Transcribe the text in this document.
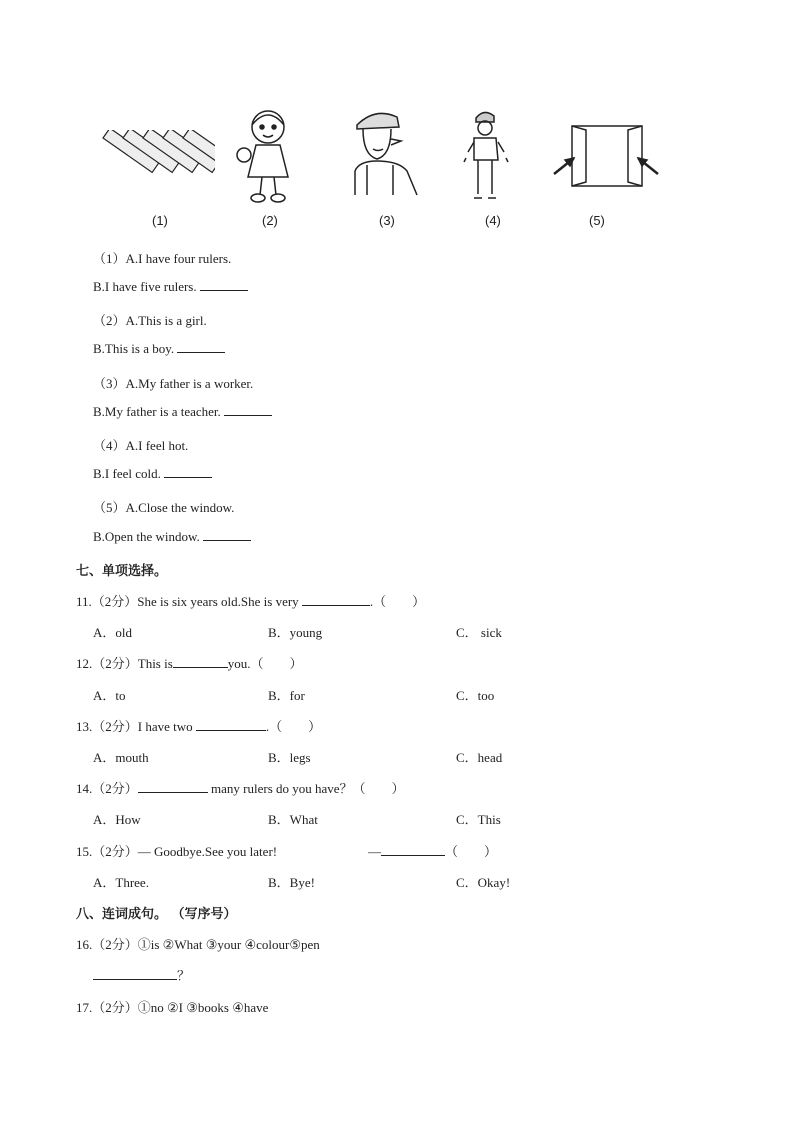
(1)	(2)	(3)	(4)	(5)
（1）A.I have four rulers.
B.I have five rulers.
（2）A.This is a girl.
B.This is a boy.
（3）A.My father is a worker.
B.My father is a teacher.
（4）A.I feel hot.
B.I feel cold.
（5）A.Close the window.
B.Open the window.
七、单项选择。
11.（2分）She is six years old.She is very	.（　　）
A．old	B．young	C． sick
12.（2分）This is	you.（　　）
A．to	B．for	C．too
13.（2分）I have two	.（　　）
A．mouth	B．legs	C．head
14.（2分）	many rulers do you have？（　　）
A．How	B．What	C．This
15.（2分）— Goodbye.See you later!	—	（　　）
A．Three.	B．Bye!	C．Okay!
八、连词成句。 （写序号）
16.（2分）①is ②What ③your ④colour⑤pen
？
17.（2分）①no ②I ③books ④have
